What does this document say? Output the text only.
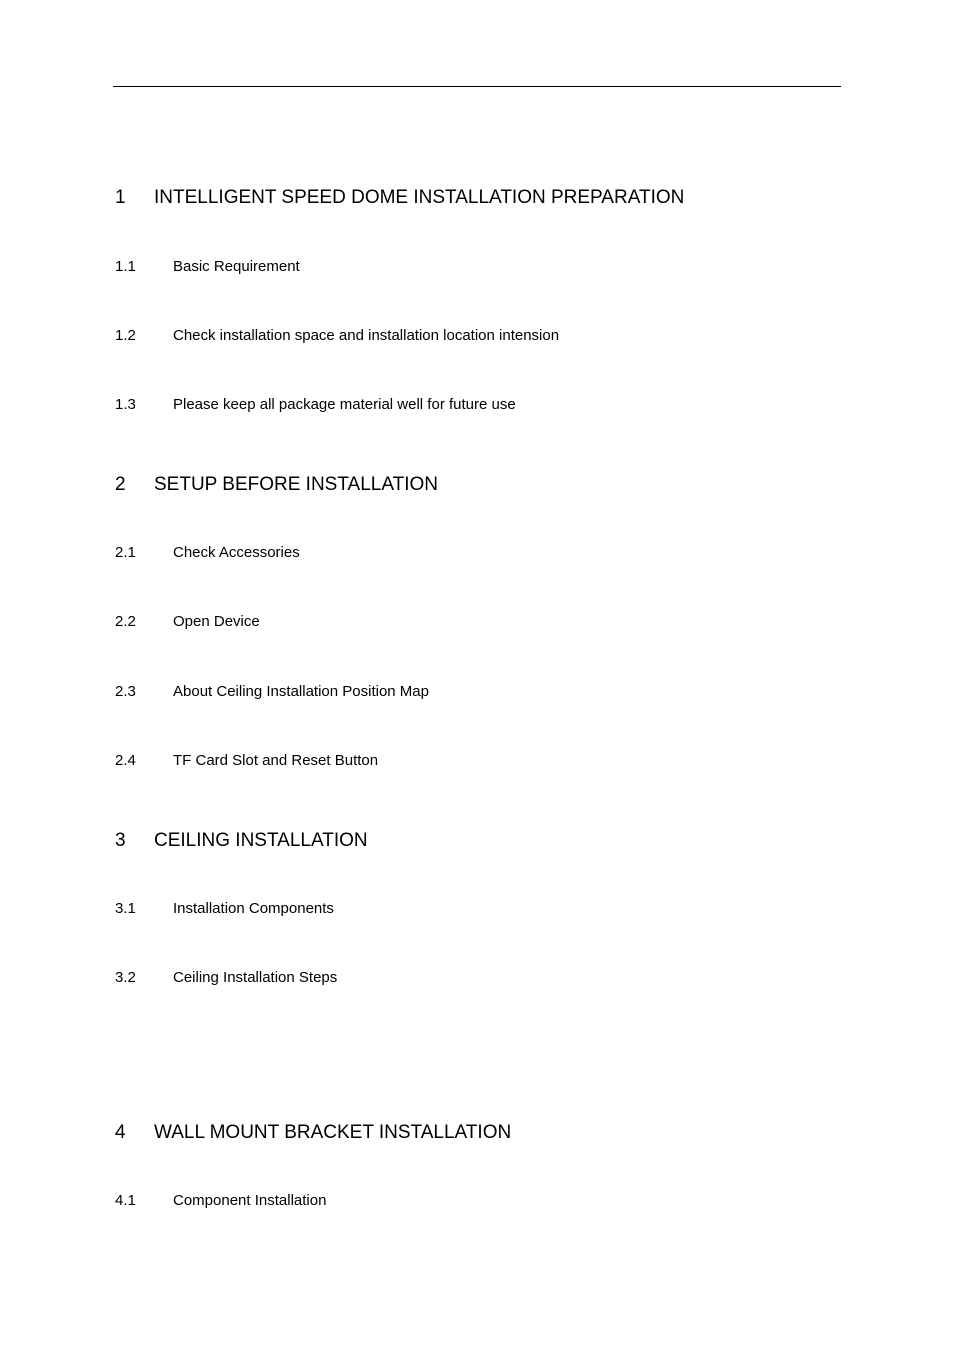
1 INTELLIGENT SPEED DOME INSTALLATION PREPARATION
1.1 Basic Requirement
1.2 Check installation space and installation location intension
1.3 Please keep all package material well for future use
2 SETUP BEFORE INSTALLATION
2.1 Check Accessories
2.2 Open Device
2.3 About Ceiling Installation Position Map
2.4 TF Card Slot and Reset Button
3 CEILING INSTALLATION
3.1 Installation Components
3.2 Ceiling Installation Steps
4 WALL MOUNT BRACKET INSTALLATION
4.1 Component Installation
